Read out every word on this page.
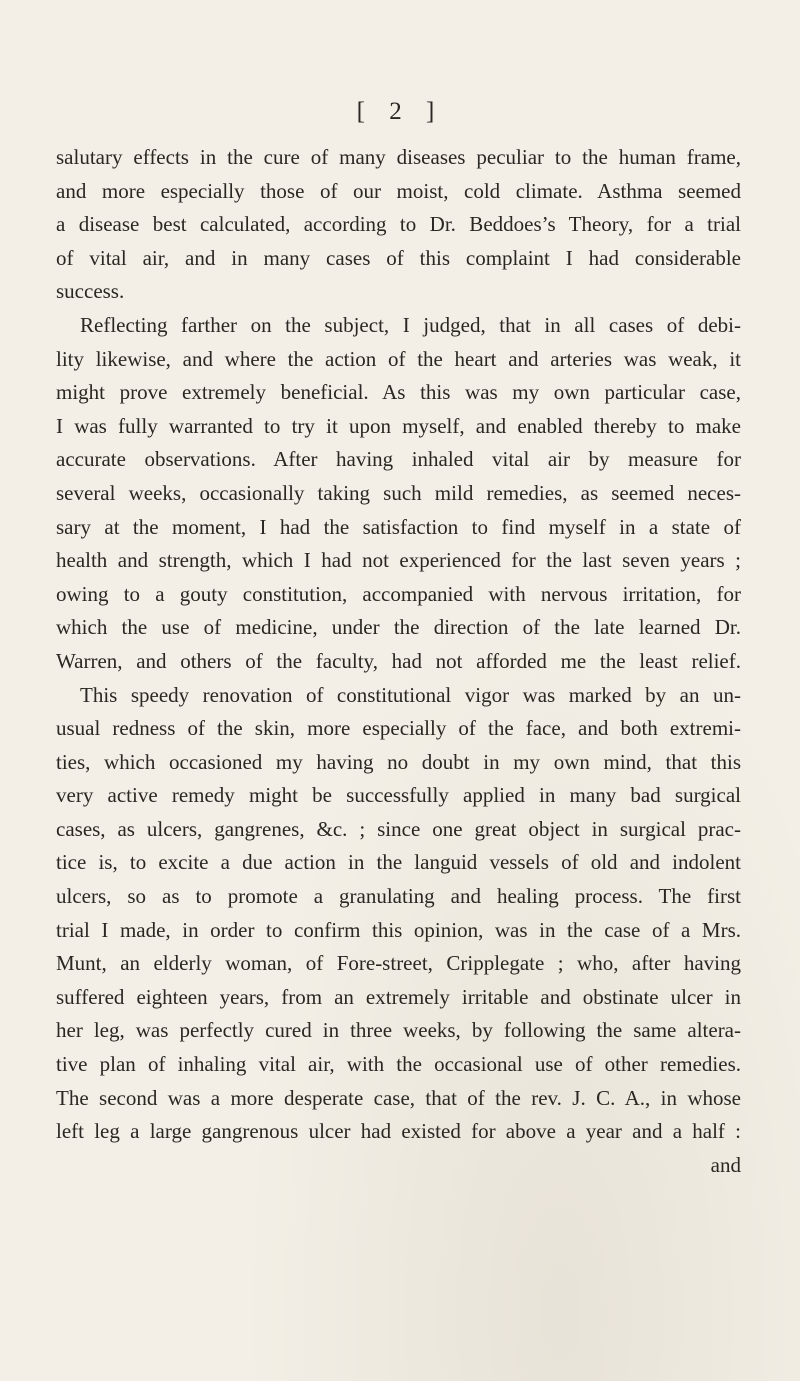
[ 2 ]
salutary effects in the cure of many diseases peculiar to the human frame,
and more especially those of our moist, cold climate. Asthma seemed
a disease best calculated, according to Dr. Beddoes’s Theory, for a trial
of vital air, and in many cases of this complaint I had considerable
success.
Reflecting farther on the subject, I judged, that in all cases of debi-
lity likewise, and where the action of the heart and arteries was weak, it
might prove extremely beneficial. As this was my own particular case,
I was fully warranted to try it upon myself, and enabled thereby to make
accurate observations. After having inhaled vital air by measure for
several weeks, occasionally taking such mild remedies, as seemed neces-
sary at the moment, I had the satisfaction to find myself in a state of
health and strength, which I had not experienced for the last seven years ;
owing to a gouty constitution, accompanied with nervous irritation, for
which the use of medicine, under the direction of the late learned Dr.
Warren, and others of the faculty, had not afforded me the least relief.
This speedy renovation of constitutional vigor was marked by an un-
usual redness of the skin, more especially of the face, and both extremi-
ties, which occasioned my having no doubt in my own mind, that this
very active remedy might be successfully applied in many bad surgical
cases, as ulcers, gangrenes, &c. ; since one great object in surgical prac-
tice is, to excite a due action in the languid vessels of old and indolent
ulcers, so as to promote a granulating and healing process. The first
trial I made, in order to confirm this opinion, was in the case of a Mrs.
Munt, an elderly woman, of Fore-street, Cripplegate ; who, after having
suffered eighteen years, from an extremely irritable and obstinate ulcer in
her leg, was perfectly cured in three weeks, by following the same altera-
tive plan of inhaling vital air, with the occasional use of other remedies.
The second was a more desperate case, that of the rev. J. C. A., in whose
left leg a large gangrenous ulcer had existed for above a year and a half :
and
